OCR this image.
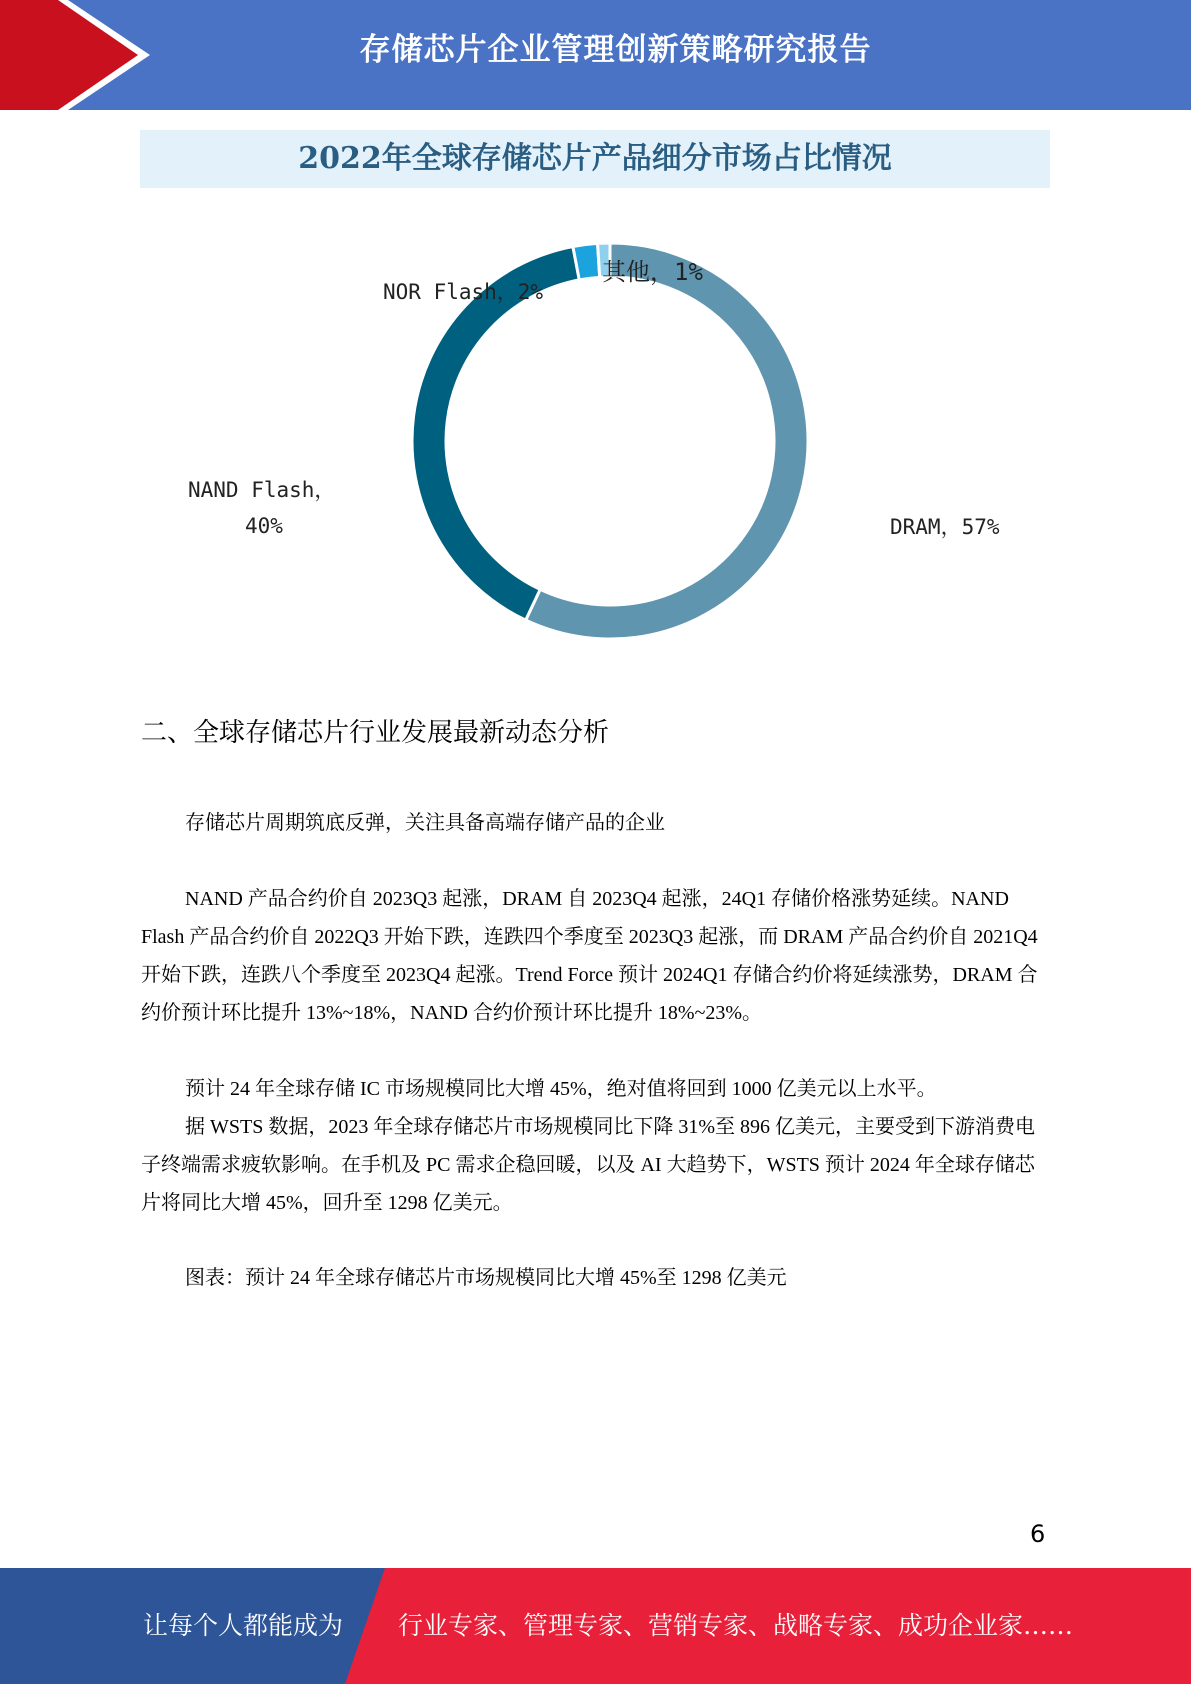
存储芯片企业管理创新策略研究报告
2022年全球存储芯片产品细分市场占比情况
DRAM，57%
NAND Flash，
40%
NOR Flash，2%
其他，1%
二、全球存储芯片行业发展最新动态分析

存储芯片周期筑底反弹，关注具备高端存储产品的企业

NAND 产品合约价自 2023Q3 起涨，DRAM 自 2023Q4 起涨，24Q1 存储价格涨势延续。NAND Flash 产品合约价自 2022Q3 开始下跌，连跌四个季度至 2023Q3 起涨，而 DRAM 产品合约价自 2021Q4 开始下跌，连跌八个季度至 2023Q4 起涨。Trend Force 预计 2024Q1 存储合约价将延续涨势，DRAM 合约价预计环比提升 13%~18%，NAND 合约价预计环比提升 18%~23%。

预计 24 年全球存储 IC 市场规模同比大增 45%，绝对值将回到 1000 亿美元以上水平。

据 WSTS 数据，2023 年全球存储芯片市场规模同比下降 31%至 896 亿美元，主要受到下游消费电子终端需求疲软影响。在手机及 PC 需求企稳回暖，以及 AI 大趋势下，WSTS 预计 2024 年全球存储芯片将同比大增 45%，回升至 1298 亿美元。

图表：预计 24 年全球存储芯片市场规模同比大增 45%至 1298 亿美元

6
让每个人都能成为 行业专家、管理专家、营销专家、战略专家、成功企业家……
